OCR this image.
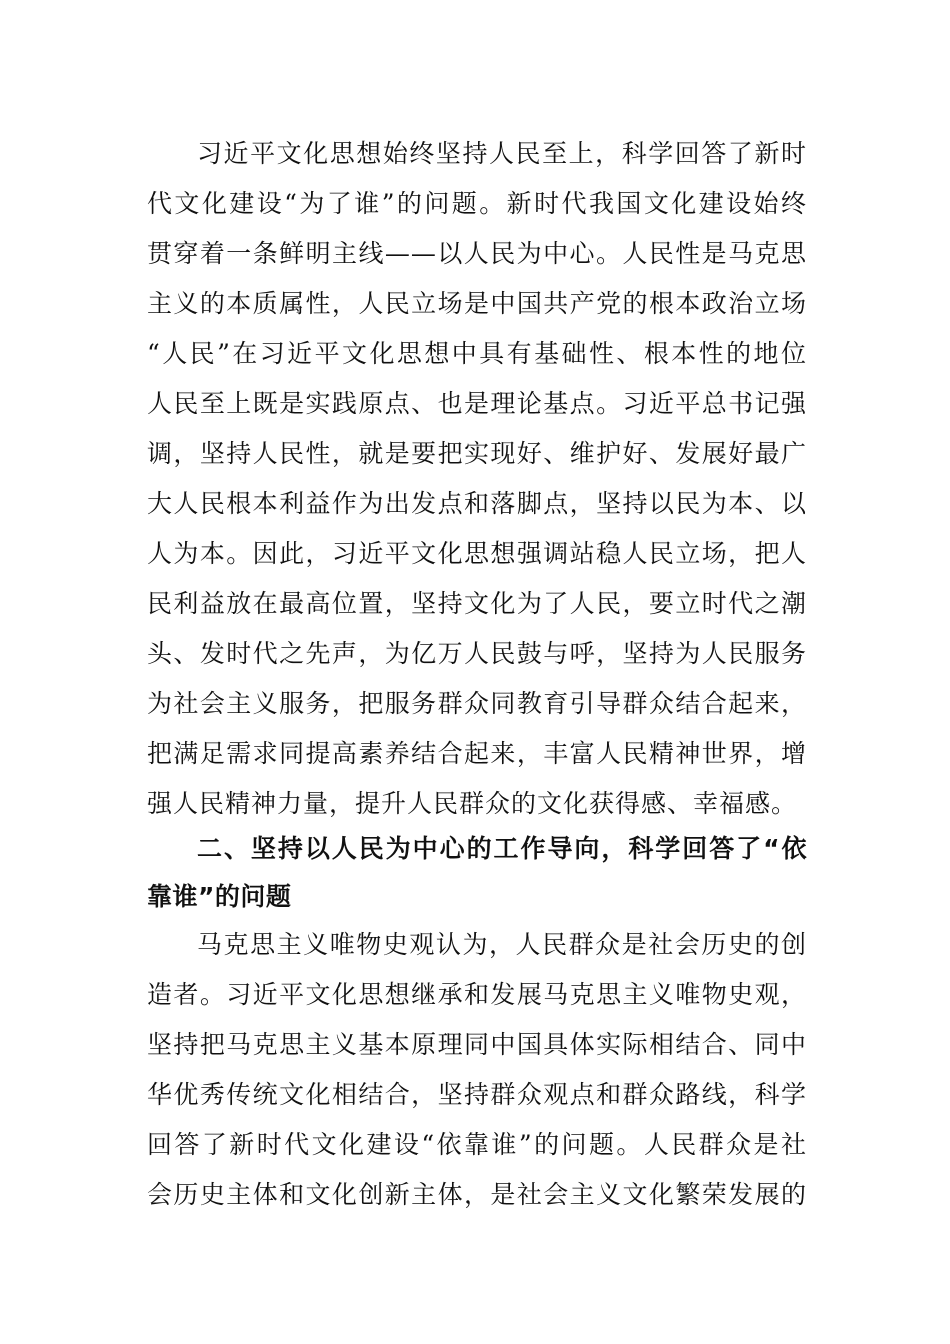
习近平文化思想始终坚持人民至上，科学回答了新时
代文化建设“为了谁”的问题。新时代我国文化建设始终
贯穿着一条鲜明主线——以人民为中心。人民性是马克思
主义的本质属性，人民立场是中国共产党的根本政治立场
“人民”在习近平文化思想中具有基础性、根本性的地位
人民至上既是实践原点、也是理论基点。习近平总书记强
调，坚持人民性，就是要把实现好、维护好、发展好最广
大人民根本利益作为出发点和落脚点，坚持以民为本、以
人为本。因此，习近平文化思想强调站稳人民立场，把人
民利益放在最高位置，坚持文化为了人民，要立时代之潮
头、发时代之先声，为亿万人民鼓与呼，坚持为人民服务
为社会主义服务，把服务群众同教育引导群众结合起来，
把满足需求同提高素养结合起来，丰富人民精神世界，增
强人民精神力量，提升人民群众的文化获得感、幸福感。
二、坚持以人民为中心的工作导向，科学回答了“依
靠谁”的问题
马克思主义唯物史观认为，人民群众是社会历史的创
造者。习近平文化思想继承和发展马克思主义唯物史观，
坚持把马克思主义基本原理同中国具体实际相结合、同中
华优秀传统文化相结合，坚持群众观点和群众路线，科学
回答了新时代文化建设“依靠谁”的问题。人民群众是社
会历史主体和文化创新主体，是社会主义文化繁荣发展的
